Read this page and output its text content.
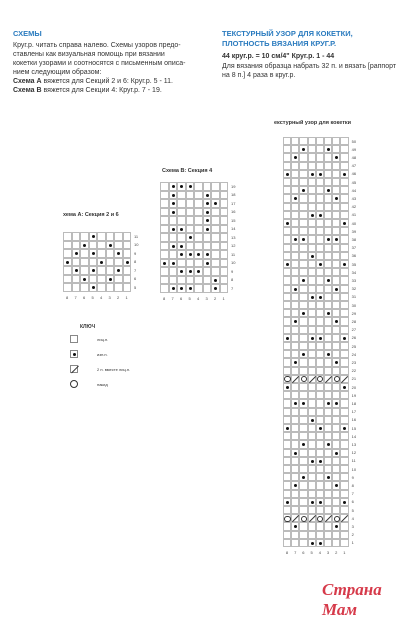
СХЕМЫ
Круг.р. читать справа налево. Схемы узоров предо-
ставлены как визуальная помощь при вязании
кокетки узорами и соотносятся с письменным описа-
нием следующим образом:
Схема А вяжется для Секций 2 и 6: Круг.р. 5 - 11.
Схема В вяжется для Секции 4: Круг.р. 7 - 19.
ТЕКСТУРНЫЙ УЗОР ДЛЯ КОКЕТКИ,
ПЛОТНОСТЬ ВЯЗАНИЯ КРУГ.Р.
44 круг.р. = 10 см/4" Круг.р. 1 - 44
Для вязания образца набрать 32 п. и вязать [раппорт
на 8 п.] 4 раза в круг.р.
хема А: Секция 2 и 6
Схема В: Секция 4
екстурный узор для кокетки
11
10
9
8
7
6
5
8 7 6 5 4 3 2 1
19
18
17
16
15
14
13
12
11
10
9
8
7
8 7 6 5 4 3 2 1
50
49
48
47
46
45
44
43
42
41
40
39
38
37
36
35
34
33
32
31
30
29
28
27
26
25
24
23
22
21
20
19
18
17
16
15
14
13
12
11
10
9
8
7
6
5
4
3
2
1
8 7 6 5 4 3 2 1
КЛЮЧ
лиц.п.
изн.п.
2 п. вместе лиц.п.
накид
Страна Мам
